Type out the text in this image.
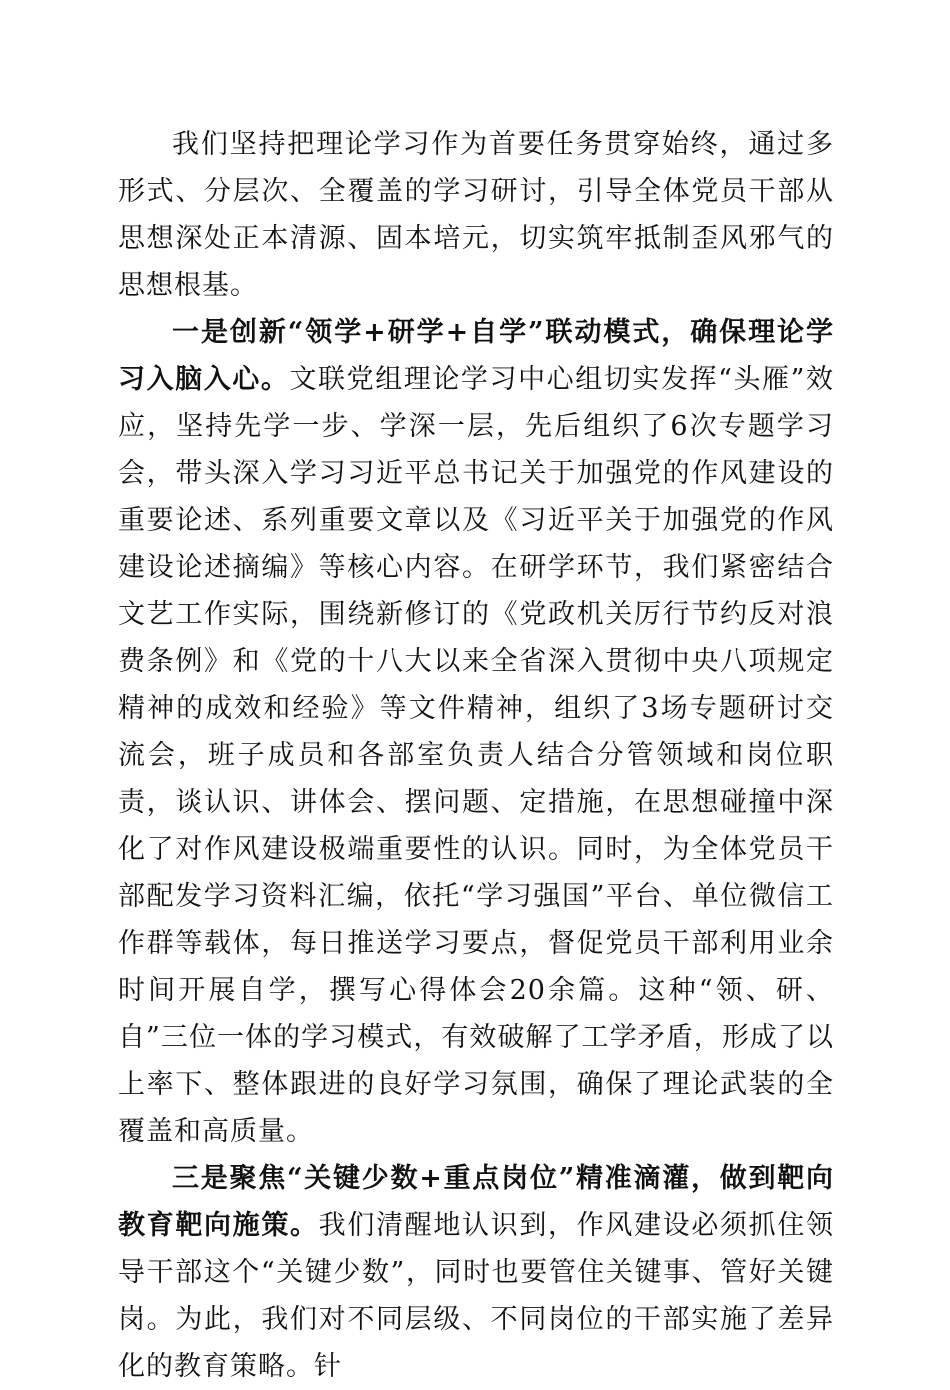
我们坚持把理论学习作为首要任务贯穿始终，通过多形式、分层次、全覆盖的学习研讨，引导全体党员干部从思想深处正本清源、固本培元，切实筑牢抵制歪风邪气的思想根基。

一是创新“领学+研学+自学”联动模式，确保理论学习入脑入心。文联党组理论学习中心组切实发挥“头雁”效应，坚持先学一步、学深一层，先后组织了6次专题学习会，带头深入学习习近平总书记关于加强党的作风建设的重要论述、系列重要文章以及《习近平关于加强党的作风建设论述摘编》等核心内容。在研学环节，我们紧密结合文艺工作实际，围绕新修订的《党政机关厉行节约反对浪费条例》和《党的十八大以来全省深入贯彻中央八项规定精神的成效和经验》等文件精神，组织了3场专题研讨交流会，班子成员和各部室负责人结合分管领域和岗位职责，谈认识、讲体会、摆问题、定措施，在思想碰撞中深化了对作风建设极端重要性的认识。同时，为全体党员干部配发学习资料汇编，依托“学习强国”平台、单位微信工作群等载体，每日推送学习要点，督促党员干部利用业余时间开展自学，撰写心得体会20余篇。这种“领、研、自”三位一体的学习模式，有效破解了工学矛盾，形成了以上率下、整体跟进的良好学习氛围，确保了理论武装的全覆盖和高质量。

三是聚焦“关键少数+重点岗位”精准滴灌，做到靶向教育靶向施策。我们清醒地认识到，作风建设必须抓住领导干部这个“关键少数”，同时也要管住关键事、管好关键岗。为此，我们对不同层级、不同岗位的干部实施了差异化的教育策略。针
